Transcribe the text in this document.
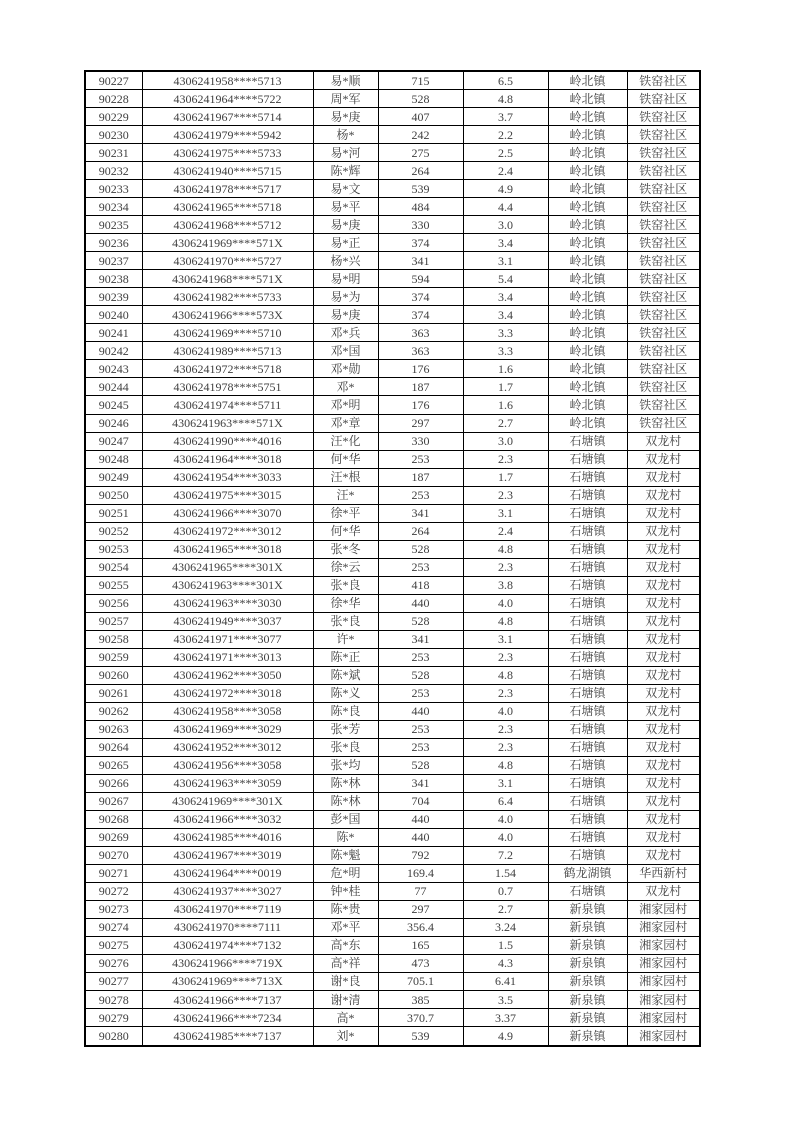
90227	4306241958****5713	易*顺	715	6.5	岭北镇	铁窑社区
90228	4306241964****5722	周*军	528	4.8	岭北镇	铁窑社区
90229	4306241967****5714	易*庚	407	3.7	岭北镇	铁窑社区
90230	4306241979****5942	杨*	242	2.2	岭北镇	铁窑社区
90231	4306241975****5733	易*河	275	2.5	岭北镇	铁窑社区
90232	4306241940****5715	陈*辉	264	2.4	岭北镇	铁窑社区
90233	4306241978****5717	易*文	539	4.9	岭北镇	铁窑社区
90234	4306241965****5718	易*平	484	4.4	岭北镇	铁窑社区
90235	4306241968****5712	易*庚	330	3.0	岭北镇	铁窑社区
90236	4306241969****571X	易*正	374	3.4	岭北镇	铁窑社区
90237	4306241970****5727	杨*兴	341	3.1	岭北镇	铁窑社区
90238	4306241968****571X	易*明	594	5.4	岭北镇	铁窑社区
90239	4306241982****5733	易*为	374	3.4	岭北镇	铁窑社区
90240	4306241966****573X	易*庚	374	3.4	岭北镇	铁窑社区
90241	4306241969****5710	邓*兵	363	3.3	岭北镇	铁窑社区
90242	4306241989****5713	邓*国	363	3.3	岭北镇	铁窑社区
90243	4306241972****5718	邓*勋	176	1.6	岭北镇	铁窑社区
90244	4306241978****5751	邓*	187	1.7	岭北镇	铁窑社区
90245	4306241974****5711	邓*明	176	1.6	岭北镇	铁窑社区
90246	4306241963****571X	邓*章	297	2.7	岭北镇	铁窑社区
90247	4306241990****4016	汪*化	330	3.0	石塘镇	双龙村
90248	4306241964****3018	何*华	253	2.3	石塘镇	双龙村
90249	4306241954****3033	汪*根	187	1.7	石塘镇	双龙村
90250	4306241975****3015	汪*	253	2.3	石塘镇	双龙村
90251	4306241966****3070	徐*平	341	3.1	石塘镇	双龙村
90252	4306241972****3012	何*华	264	2.4	石塘镇	双龙村
90253	4306241965****3018	张*冬	528	4.8	石塘镇	双龙村
90254	4306241965****301X	徐*云	253	2.3	石塘镇	双龙村
90255	4306241963****301X	张*良	418	3.8	石塘镇	双龙村
90256	4306241963****3030	徐*华	440	4.0	石塘镇	双龙村
90257	4306241949****3037	张*良	528	4.8	石塘镇	双龙村
90258	4306241971****3077	许*	341	3.1	石塘镇	双龙村
90259	4306241971****3013	陈*正	253	2.3	石塘镇	双龙村
90260	4306241962****3050	陈*斌	528	4.8	石塘镇	双龙村
90261	4306241972****3018	陈*义	253	2.3	石塘镇	双龙村
90262	4306241958****3058	陈*良	440	4.0	石塘镇	双龙村
90263	4306241969****3029	张*芳	253	2.3	石塘镇	双龙村
90264	4306241952****3012	张*良	253	2.3	石塘镇	双龙村
90265	4306241956****3058	张*均	528	4.8	石塘镇	双龙村
90266	4306241963****3059	陈*林	341	3.1	石塘镇	双龙村
90267	4306241969****301X	陈*林	704	6.4	石塘镇	双龙村
90268	4306241966****3032	彭*国	440	4.0	石塘镇	双龙村
90269	4306241985****4016	陈*	440	4.0	石塘镇	双龙村
90270	4306241967****3019	陈*魁	792	7.2	石塘镇	双龙村
90271	4306241964****0019	危*明	169.4	1.54	鹤龙湖镇	华西新村
90272	4306241937****3027	钟*桂	77	0.7	石塘镇	双龙村
90273	4306241970****7119	陈*贵	297	2.7	新泉镇	湘家园村
90274	4306241970****7111	邓*平	356.4	3.24	新泉镇	湘家园村
90275	4306241974****7132	高*东	165	1.5	新泉镇	湘家园村
90276	4306241966****719X	高*祥	473	4.3	新泉镇	湘家园村
90277	4306241969****713X	谢*良	705.1	6.41	新泉镇	湘家园村
90278	4306241966****7137	谢*清	385	3.5	新泉镇	湘家园村
90279	4306241966****7234	高*	370.7	3.37	新泉镇	湘家园村
90280	4306241985****7137	刘*	539	4.9	新泉镇	湘家园村
